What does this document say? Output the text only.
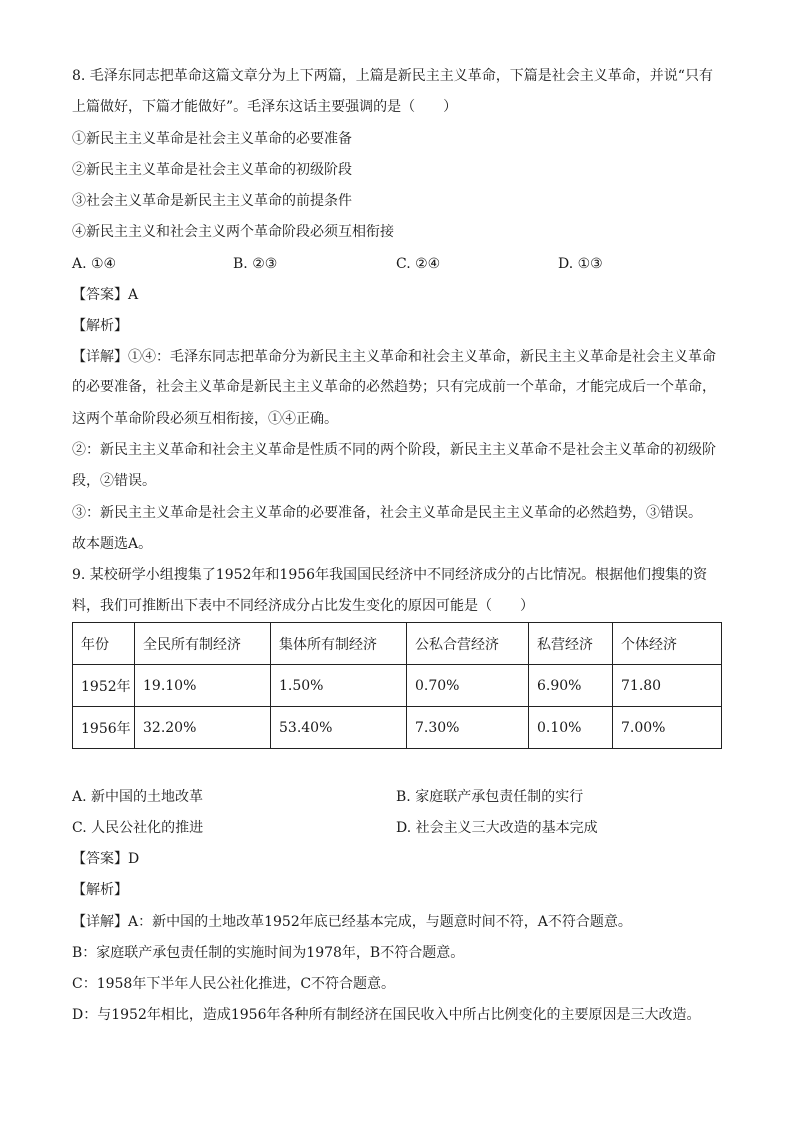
8. 毛泽东同志把革命这篇文章分为上下两篇，上篇是新民主主义革命，下篇是社会主义革命，并说“只有
上篇做好，下篇才能做好”。毛泽东这话主要强调的是（　　）
①新民主主义革命是社会主义革命的必要准备
②新民主主义革命是社会主义革命的初级阶段
③社会主义革命是新民主主义革命的前提条件
④新民主主义和社会主义两个革命阶段必须互相衔接
A. ①④	B. ②③	C. ②④	D. ①③
【答案】A
【解析】
【详解】①④：毛泽东同志把革命分为新民主主义革命和社会主义革命，新民主主义革命是社会主义革命
的必要准备，社会主义革命是新民主主义革命的必然趋势；只有完成前一个革命，才能完成后一个革命，
这两个革命阶段必须互相衔接，①④正确。
②：新民主主义革命和社会主义革命是性质不同的两个阶段，新民主主义革命不是社会主义革命的初级阶
段，②错误。
③：新民主主义革命是社会主义革命的必要准备，社会主义革命是民主主义革命的必然趋势，③错误。
故本题选A。
9. 某校研学小组搜集了1952年和1956年我国国民经济中不同经济成分的占比情况。根据他们搜集的资
料，我们可推断出下表中不同经济成分占比发生变化的原因可能是（　　）
年份	全民所有制经济	集体所有制经济	公私合营经济	私营经济	个体经济
1952年	19.10%	1.50%	0.70%	6.90%	71.80
1956年	32.20%	53.40%	7.30%	0.10%	7.00%
A. 新中国的土地改革	B. 家庭联产承包责任制的实行
C. 人民公社化的推进	D. 社会主义三大改造的基本完成
【答案】D
【解析】
【详解】A：新中国的土地改革1952年底已经基本完成，与题意时间不符，A不符合题意。
B：家庭联产承包责任制的实施时间为1978年，B不符合题意。
C：1958年下半年人民公社化推进，C不符合题意。
D：与1952年相比，造成1956年各种所有制经济在国民收入中所占比例变化的主要原因是三大改造。
